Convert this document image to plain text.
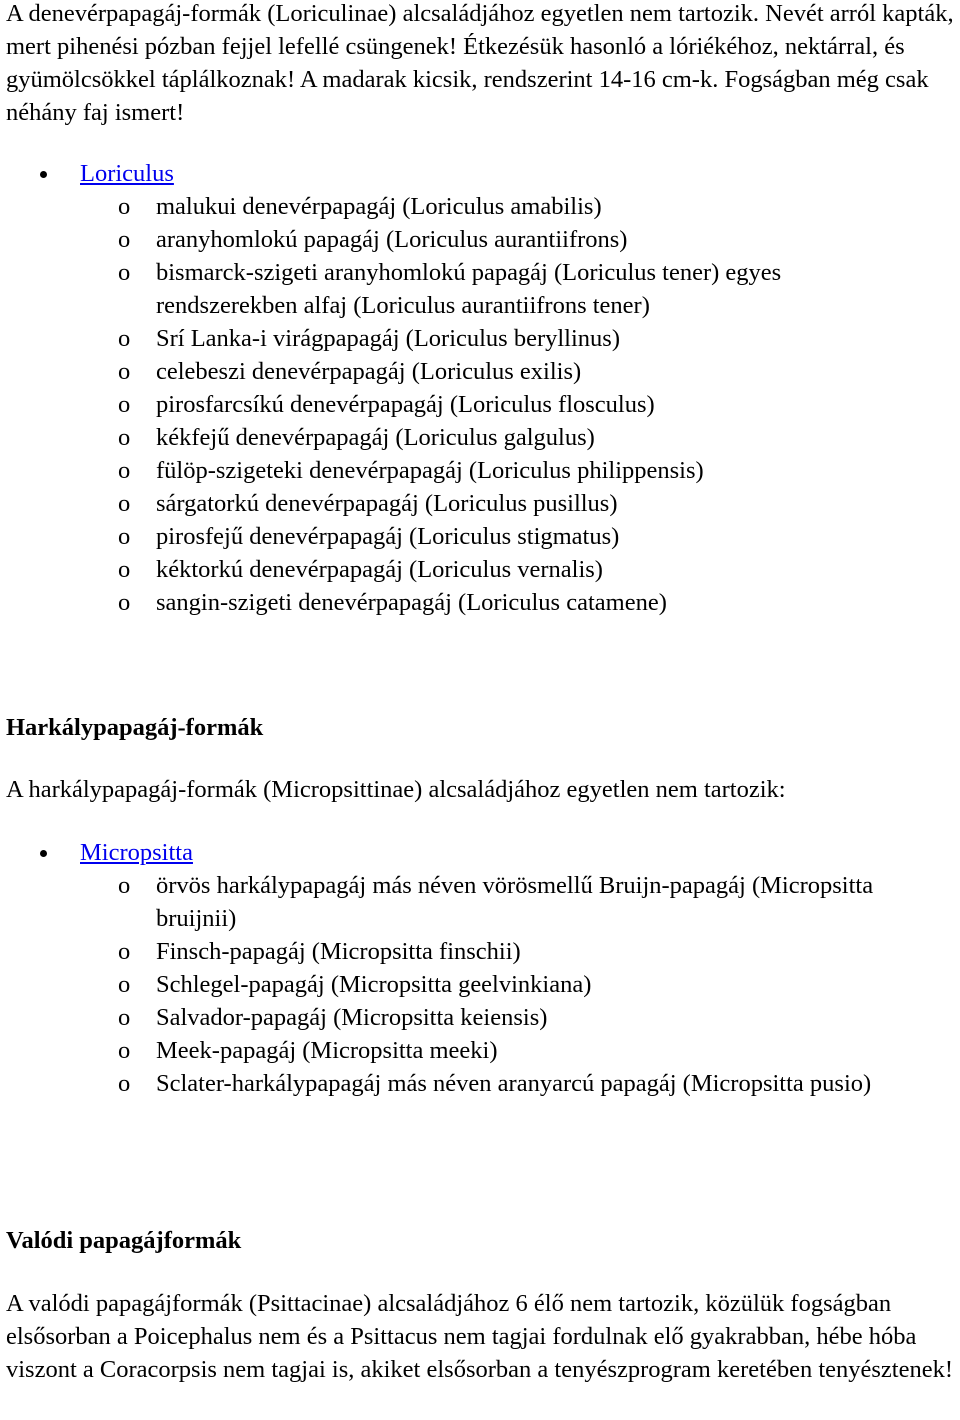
A denevérpapagáj-formák (Loriculinae) alcsaládjához egyetlen nem tartozik. Nevét arról kapták, mert pihenési pózban fejjel lefellé csüngenek! Étkezésük hasonló a lóriékéhoz, nektárral, és gyümölcsökkel táplálkoznak! A madarak kicsik, rendszerint 14-16 cm-k. Fogságban még csak néhány faj ismert!

Loriculus
o malukui denevérpapagáj (Loriculus amabilis)
o aranyhomlokú papagáj (Loriculus aurantiifrons)
o bismarck-szigeti aranyhomlokú papagáj (Loriculus tener) egyes rendszerekben alfaj (Loriculus aurantiifrons tener)
o Srí Lanka-i virágpapagáj (Loriculus beryllinus)
o celebeszi denevérpapagáj (Loriculus exilis)
o pirosfarcsíkú denevérpapagáj (Loriculus flosculus)
o kékfejű denevérpapagáj (Loriculus galgulus)
o fülöp-szigeteki denevérpapagáj (Loriculus philippensis)
o sárgatorkú denevérpapagáj (Loriculus pusillus)
o pirosfejű denevérpapagáj (Loriculus stigmatus)
o kéktorkú denevérpapagáj (Loriculus vernalis)
o sangin-szigeti denevérpapagáj (Loriculus catamene)
Harkálypapagáj-formák

A harkálypapagáj-formák (Micropsittinae) alcsaládjához egyetlen nem tartozik:

Micropsitta
o örvös harkálypapagáj más néven vörösmellű Bruijn-papagáj (Micropsitta bruijnii)
o Finsch-papagáj (Micropsitta finschii)
o Schlegel-papagáj (Micropsitta geelvinkiana)
o Salvador-papagáj (Micropsitta keiensis)
o Meek-papagáj (Micropsitta meeki)
o Sclater-harkálypapagáj más néven aranyarcú papagáj (Micropsitta pusio)
Valódi papagájformák

A valódi papagájformák (Psittacinae) alcsaládjához 6 élő nem tartozik, közülük fogságban elsősorban a Poicephalus nem és a Psittacus nem tagjai fordulnak elő gyakrabban, hébe hóba viszont a Coracorpsis nem tagjai is, akiket elsősorban a tenyészprogram keretében tenyésztenek!
